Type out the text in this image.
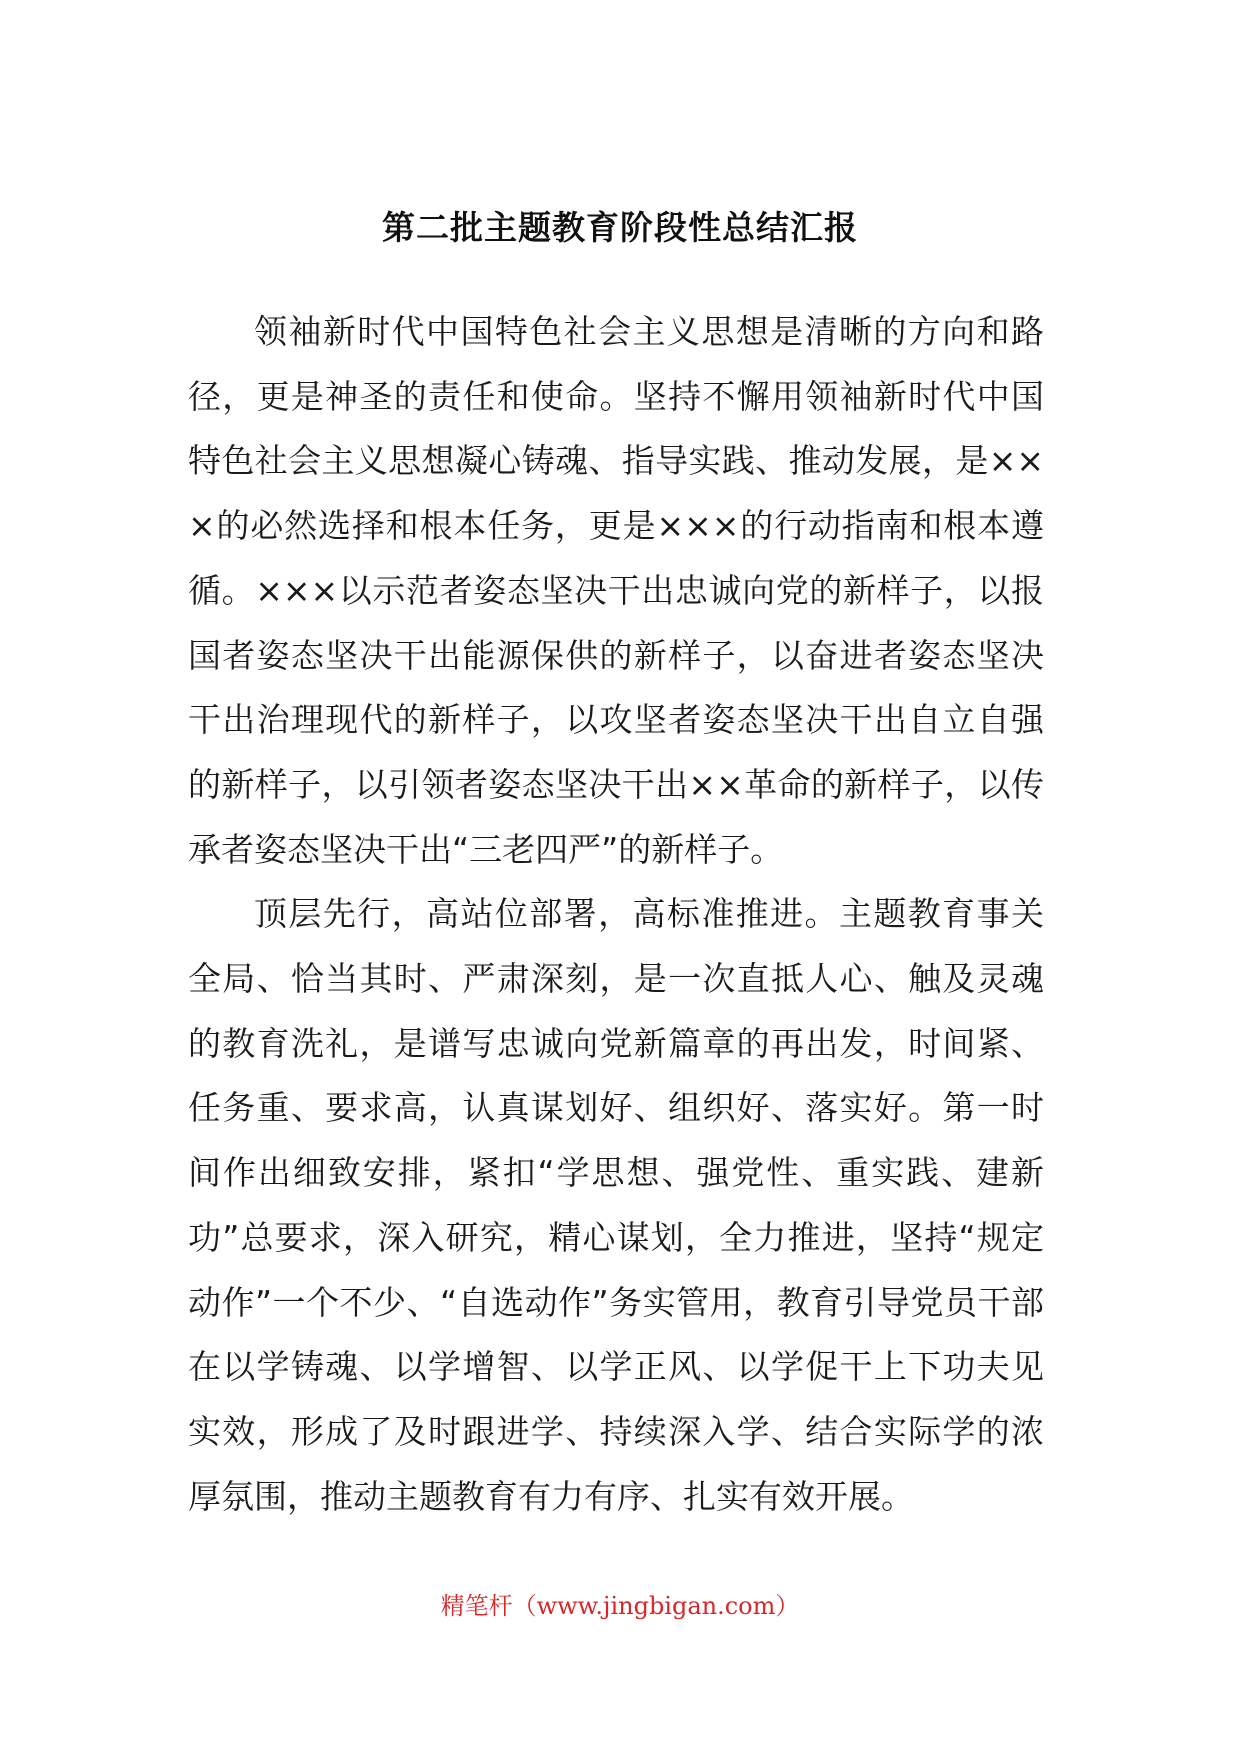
第二批主题教育阶段性总结汇报

领袖新时代中国特色社会主义思想是清晰的方向和路径，更是神圣的责任和使命。坚持不懈用领袖新时代中国特色社会主义思想凝心铸魂、指导实践、推动发展，是×××的必然选择和根本任务，更是×××的行动指南和根本遵循。×××以示范者姿态坚决干出忠诚向党的新样子，以报国者姿态坚决干出能源保供的新样子，以奋进者姿态坚决干出治理现代的新样子，以攻坚者姿态坚决干出自立自强的新样子，以引领者姿态坚决干出××革命的新样子，以传承者姿态坚决干出“三老四严”的新样子。

顶层先行，高站位部署，高标准推进。主题教育事关全局、恰当其时、严肃深刻，是一次直抵人心、触及灵魂的教育洗礼，是谱写忠诚向党新篇章的再出发，时间紧、任务重、要求高，认真谋划好、组织好、落实好。第一时间作出细致安排，紧扣“学思想、强党性、重实践、建新功”总要求，深入研究，精心谋划，全力推进，坚持“规定动作”一个不少、“自选动作”务实管用，教育引导党员干部在以学铸魂、以学增智、以学正风、以学促干上下功夫见实效，形成了及时跟进学、持续深入学、结合实际学的浓厚氛围，推动主题教育有力有序、扎实有效开展。

精笔杆（www.jingbigan.com）
